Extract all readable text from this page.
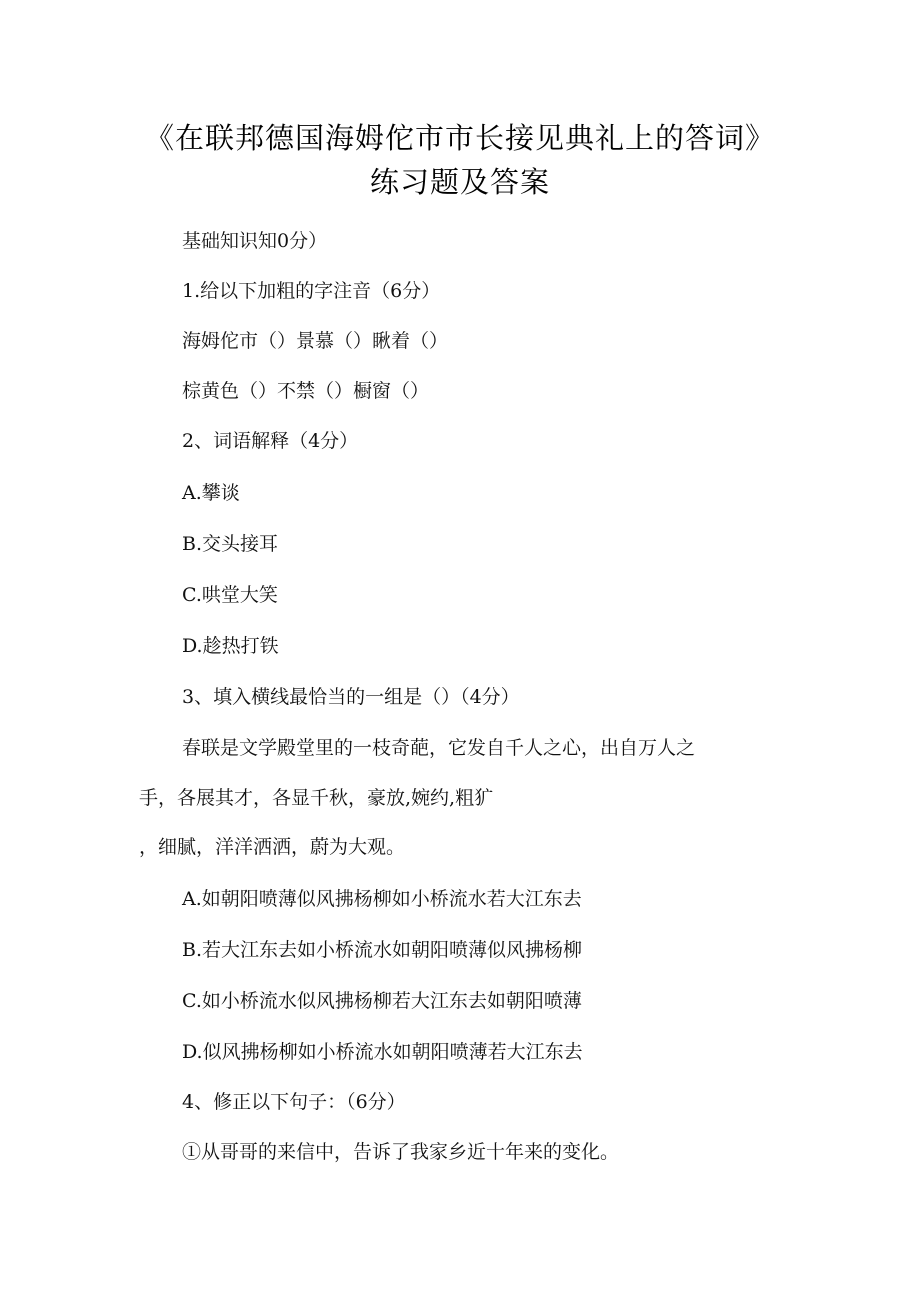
《在联邦德国海姆佗市市长接见典礼上的答词》
练习题及答案
基础知识知0分）
1.给以下加粗的字注音（6分）
海姆佗市（）景慕（）瞅着（）
棕黄色（）不禁（）橱窗（）
2、词语解释（4分）
A.攀谈
B.交头接耳
C.哄堂大笑
D.趁热打铁
3、填入横线最恰当的一组是（）（4分）
春联是文学殿堂里的一枝奇葩，它发自千人之心，出自万人之
手，各展其才，各显千秋，豪放,婉约,粗犷
，细腻，洋洋洒洒，蔚为大观。
A.如朝阳喷薄似风拂杨柳如小桥流水若大江东去
B.若大江东去如小桥流水如朝阳喷薄似风拂杨柳
C.如小桥流水似风拂杨柳若大江东去如朝阳喷薄
D.似风拂杨柳如小桥流水如朝阳喷薄若大江东去
4、修正以下句子：（6分）
①从哥哥的来信中，告诉了我家乡近十年来的变化。
